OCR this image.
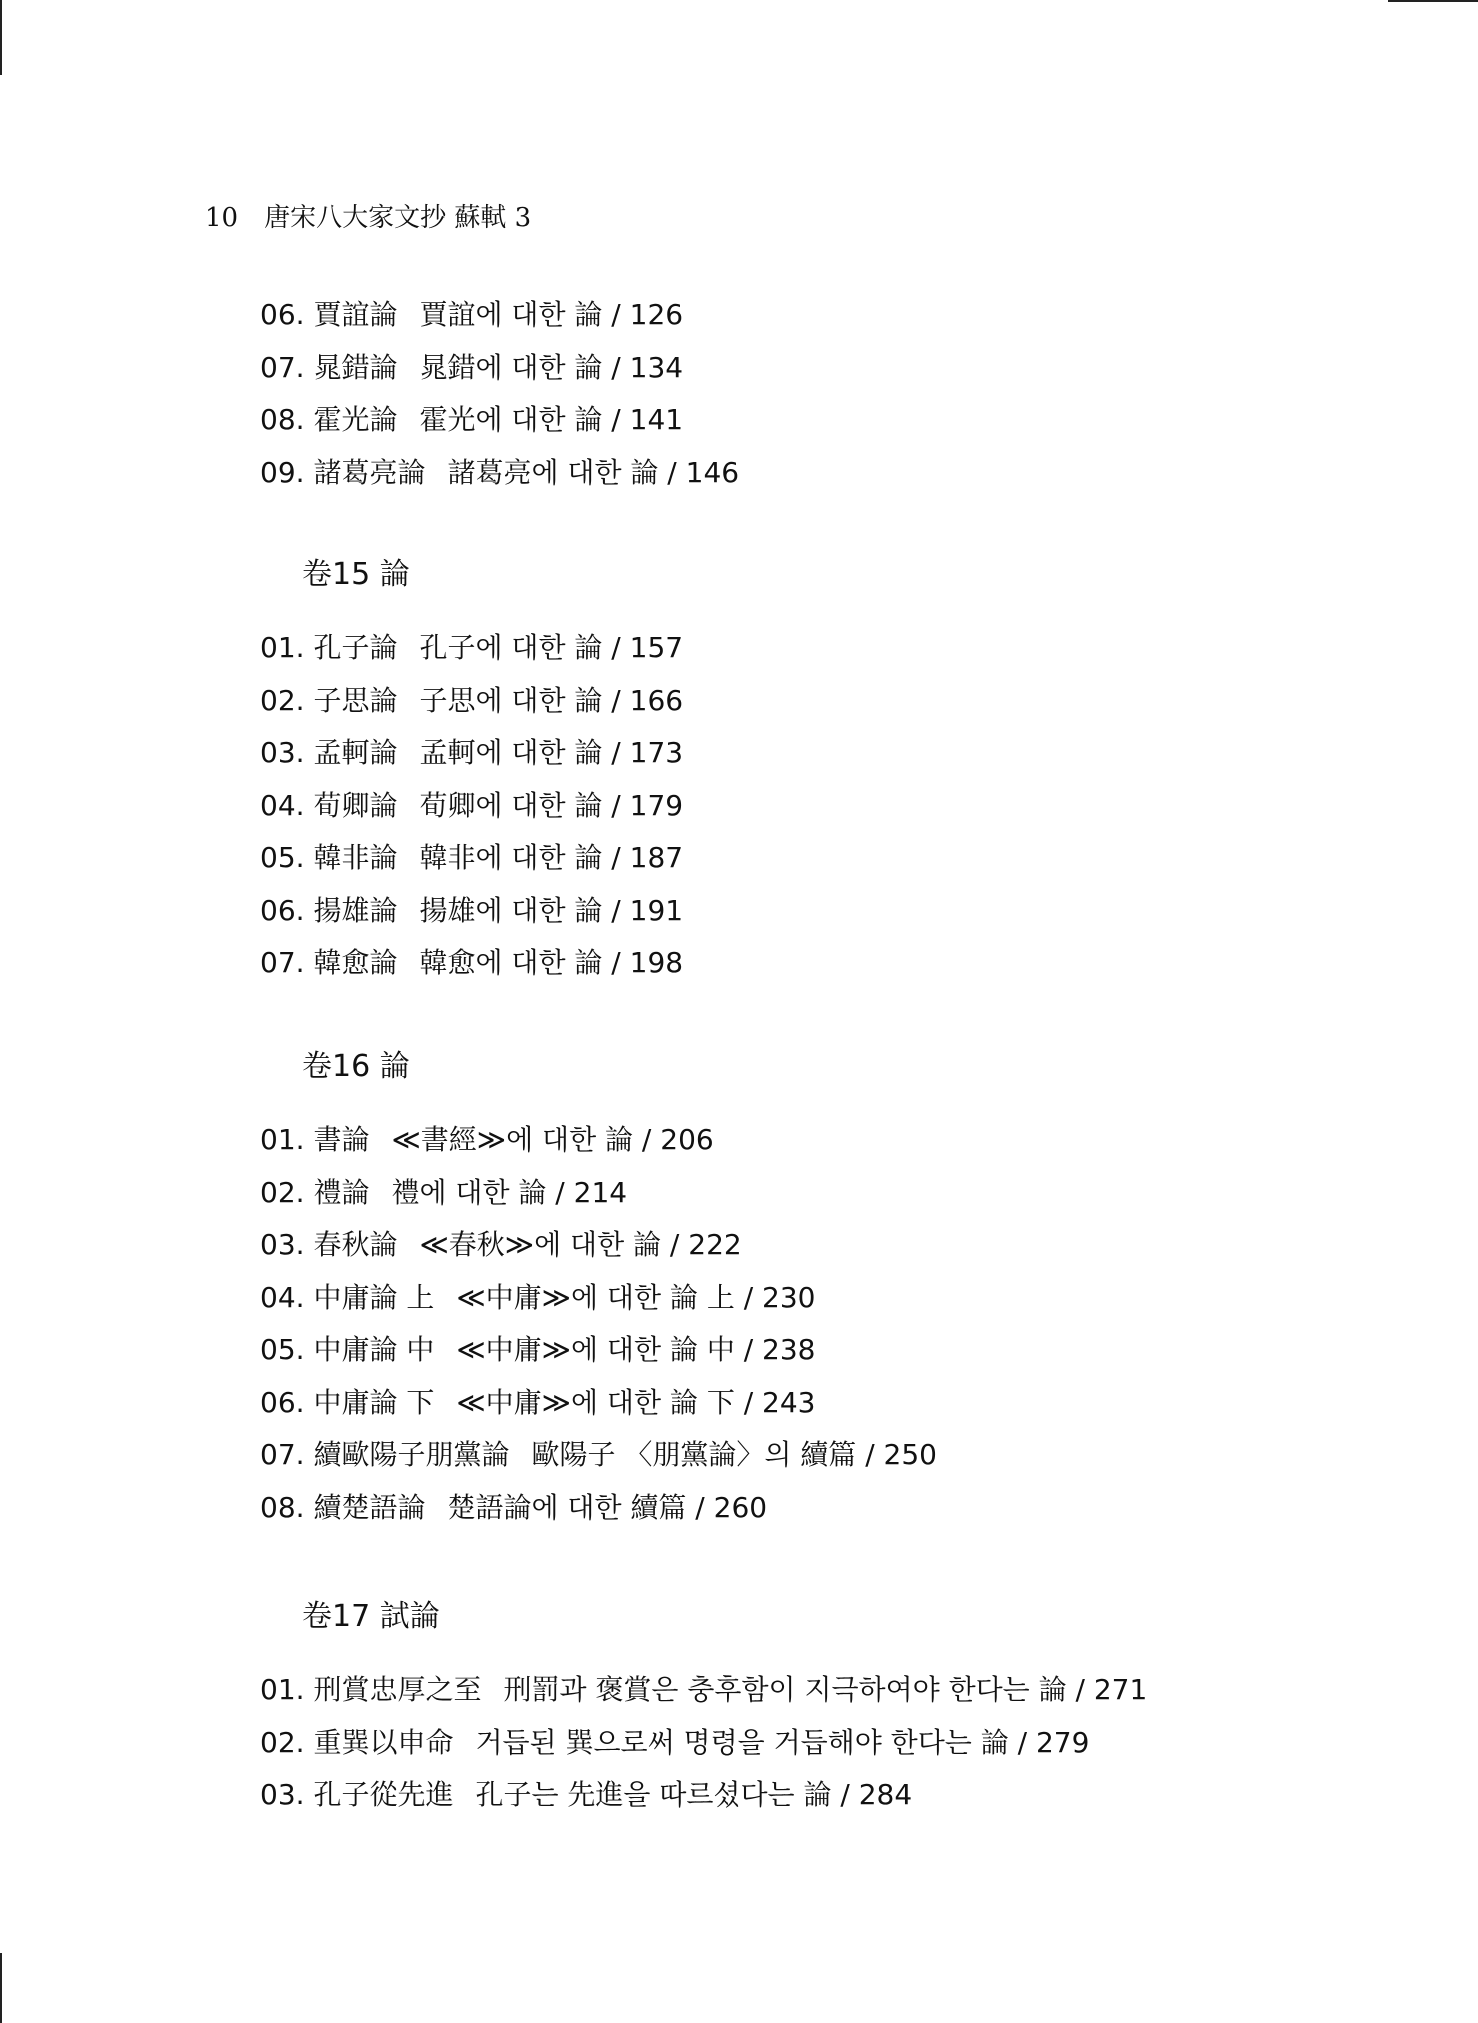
10 唐宋八大家文抄 蘇軾 3
06. 賈誼論 賈誼에 대한 論 / 126
07. 晁錯論 晁錯에 대한 論 / 134
08. 霍光論 霍光에 대한 論 / 141
09. 諸葛亮論 諸葛亮에 대한 論 / 146
卷15 論
01. 孔子論 孔子에 대한 論 / 157
02. 子思論 子思에 대한 論 / 166
03. 孟軻論 孟軻에 대한 論 / 173
04. 荀卿論 荀卿에 대한 論 / 179
05. 韓非論 韓非에 대한 論 / 187
06. 揚雄論 揚雄에 대한 論 / 191
07. 韓愈論 韓愈에 대한 論 / 198
卷16 論
01. 書論 ≪書經≫에 대한 論 / 206
02. 禮論 禮에 대한 論 / 214
03. 春秋論 ≪春秋≫에 대한 論 / 222
04. 中庸論 上 ≪中庸≫에 대한 論 上 / 230
05. 中庸論 中 ≪中庸≫에 대한 論 中 / 238
06. 中庸論 下 ≪中庸≫에 대한 論 下 / 243
07. 續歐陽子朋黨論 歐陽子 〈朋黨論〉의 續篇 / 250
08. 續楚語論 楚語論에 대한 續篇 / 260
卷17 試論
01. 刑賞忠厚之至 刑罰과 褒賞은 충후함이 지극하여야 한다는 論 / 271
02. 重巽以申命 거듭된 巽으로써 명령을 거듭해야 한다는 論 / 279
03. 孔子從先進 孔子는 先進을 따르셨다는 論 / 284
